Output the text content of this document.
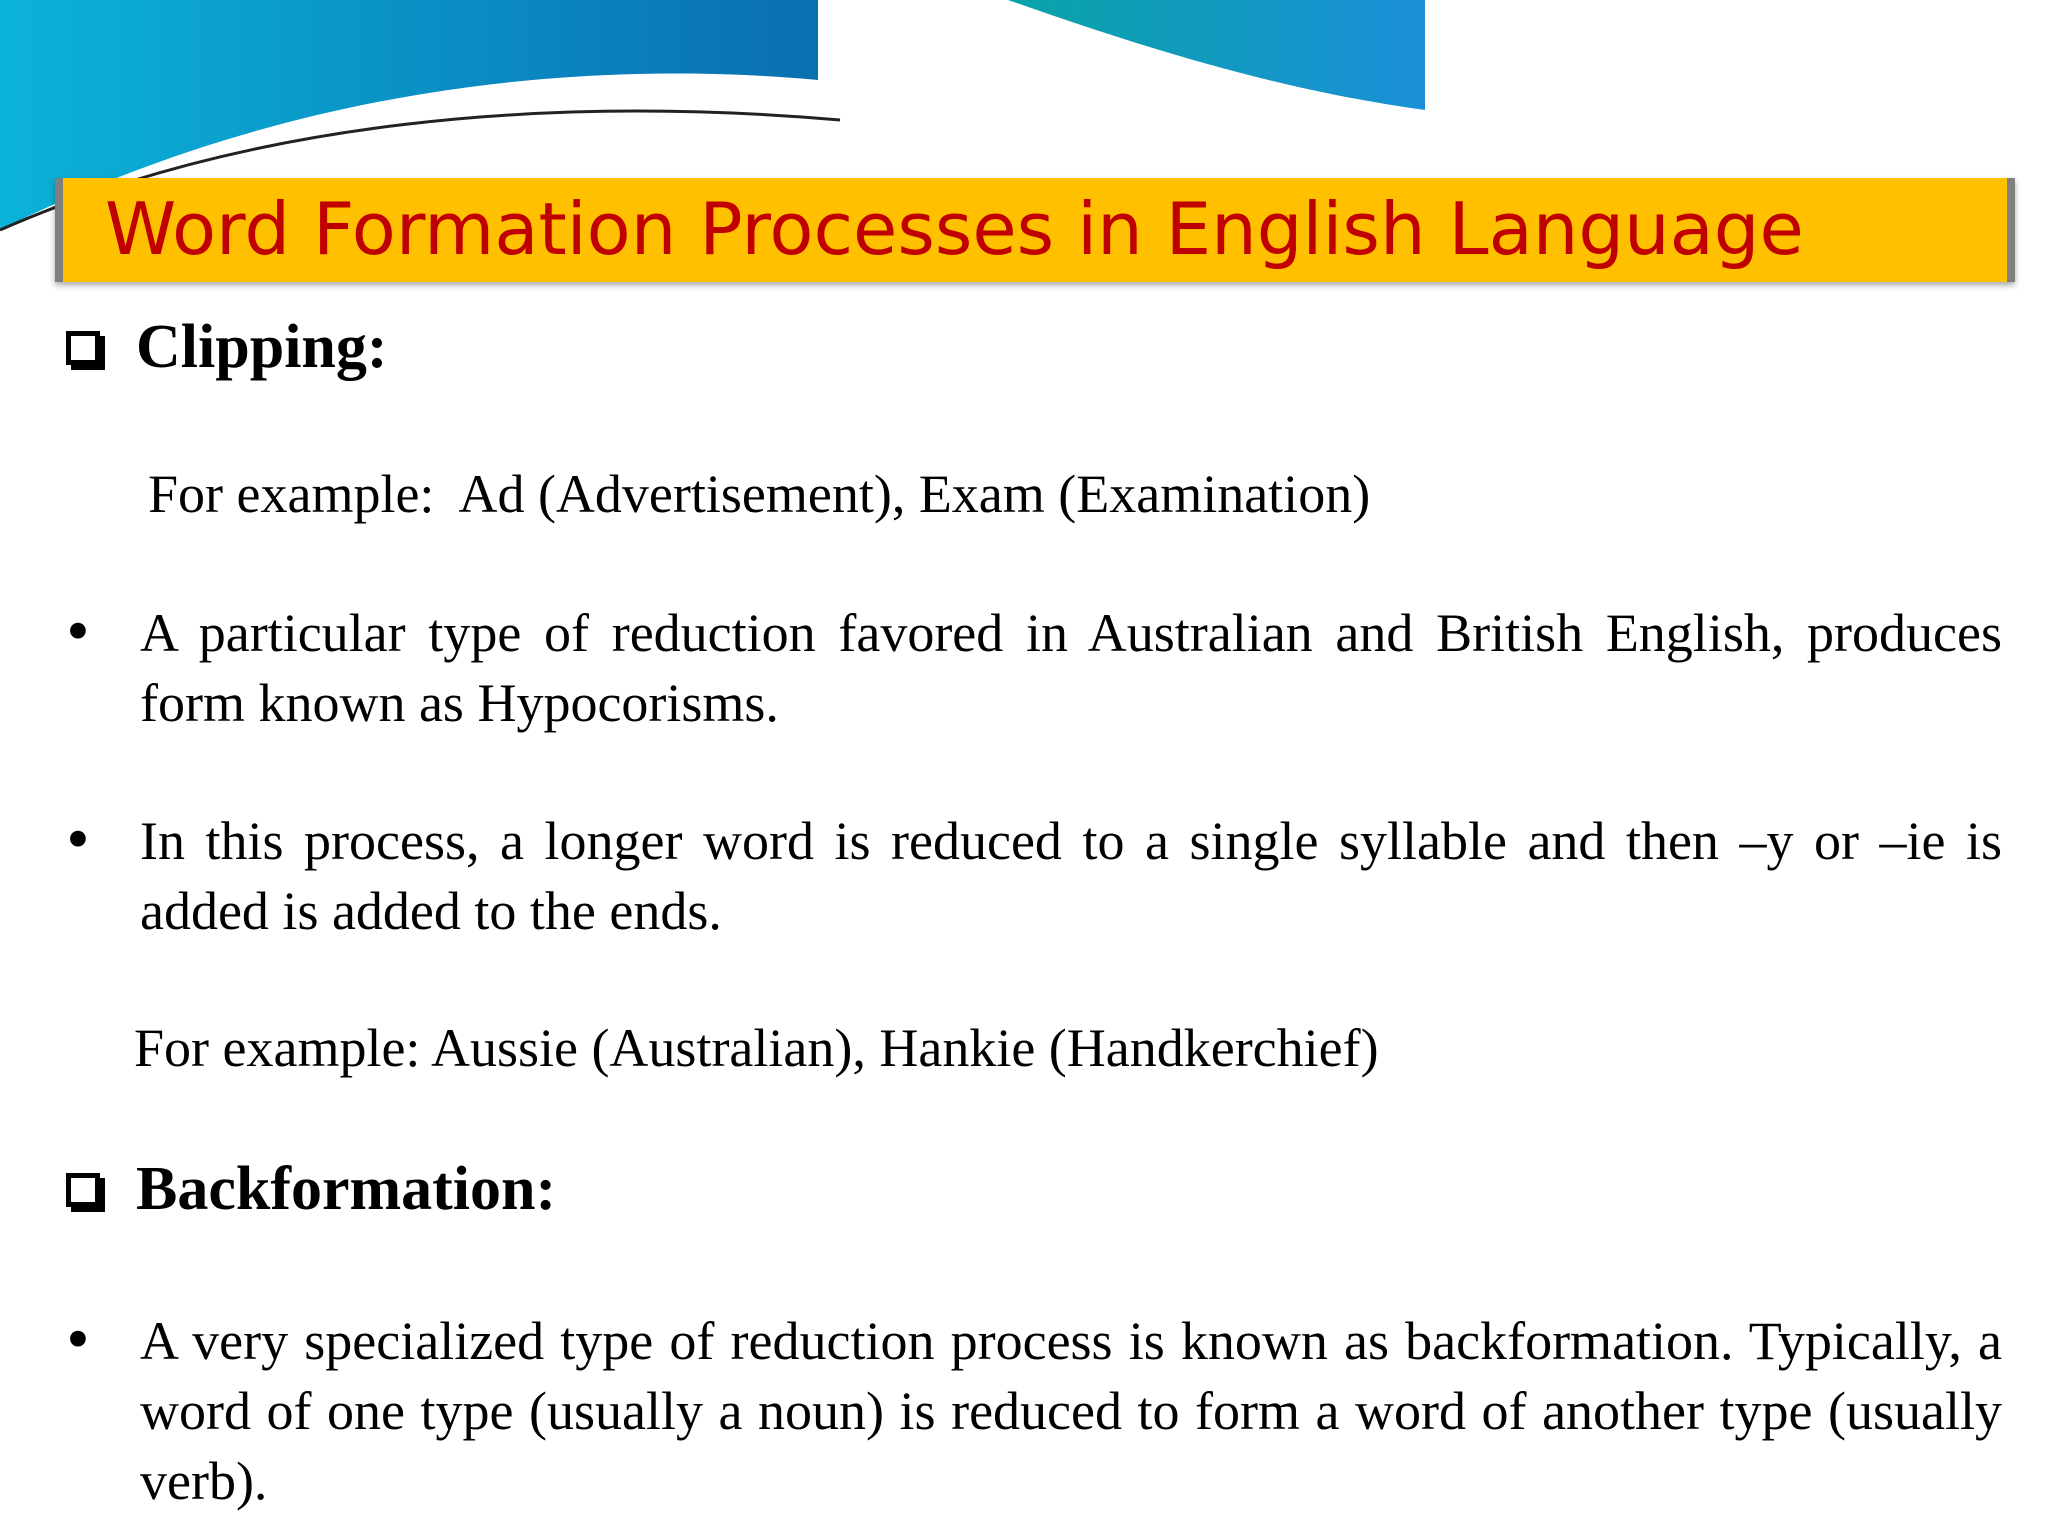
Word Formation Processes in English Language
Clipping:
For example:  Ad (Advertisement), Exam (Examination)
• A particular type of reduction favored in Australian and British English, produces form known as Hypocorisms.
• In this process, a longer word is reduced to a single syllable and then –y or –ie is added is added to the ends.
For example: Aussie (Australian), Hankie (Handkerchief)
Backformation:
• A very specialized type of reduction process is known as backformation. Typically, a word of one type (usually a noun) is reduced to form a word of another type (usually verb).
